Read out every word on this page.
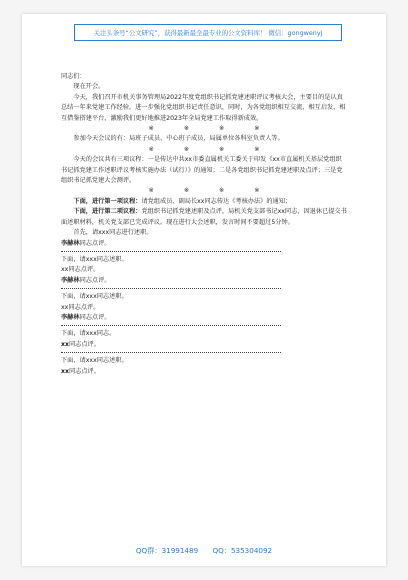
关注头条号“公文研究”，获得最新最全最专业的公文资料库！ 微信：gongwenyj

同志们：

现在开会。

今天，我们召开市机关事务管理局2022年度党组织书记抓党建述职评议考核大会，主要目的是认真总结一年来党建工作经验，进一步强化党组织书记责任意识，同时，为各党组织相互交流、相互启发、相互借鉴搭建平台，激励我们更好地推进2023年全局党建工作取得新成效。

※	※	※	※

参加今天会议的有：局班子成员、中心班子成员，局属单位各科室负责人等。

※	※	※	※

今天的会议共有三项议程：一是传达中共xx市委直属机关工委关于印发《xx市直属机关基层党组织书记抓党建工作述职评议考核实施办法（试行）》的通知；二是各党组织书记抓党建述职及点评；三是党组织书记抓党建大会测评。

※	※	※	※

下面，进行第一项议程：请党组成员、副局长xx同志传达《考核办法》的通知；

下面，进行第二项议程：党组织书记抓党建述职及点评，局机关党支部书记xx同志，因退休已提交书面述职材料，机关党支部已完成评议。现在进行大会述职，发言时间不要超过5分钟。

首先，请xxx同志进行述职。

李赫林同志点评。

下面，请xxx同志述职。

xx同志点评。

李赫林同志点评。

下面，请xxx同志述职。

xx同志点评。

李赫林同志点评。

下面，请xxx同志。

xx同志点评。

下面，请xxx同志述职。

xx同志点评。

QQ群：31991489 QQ：535304092
